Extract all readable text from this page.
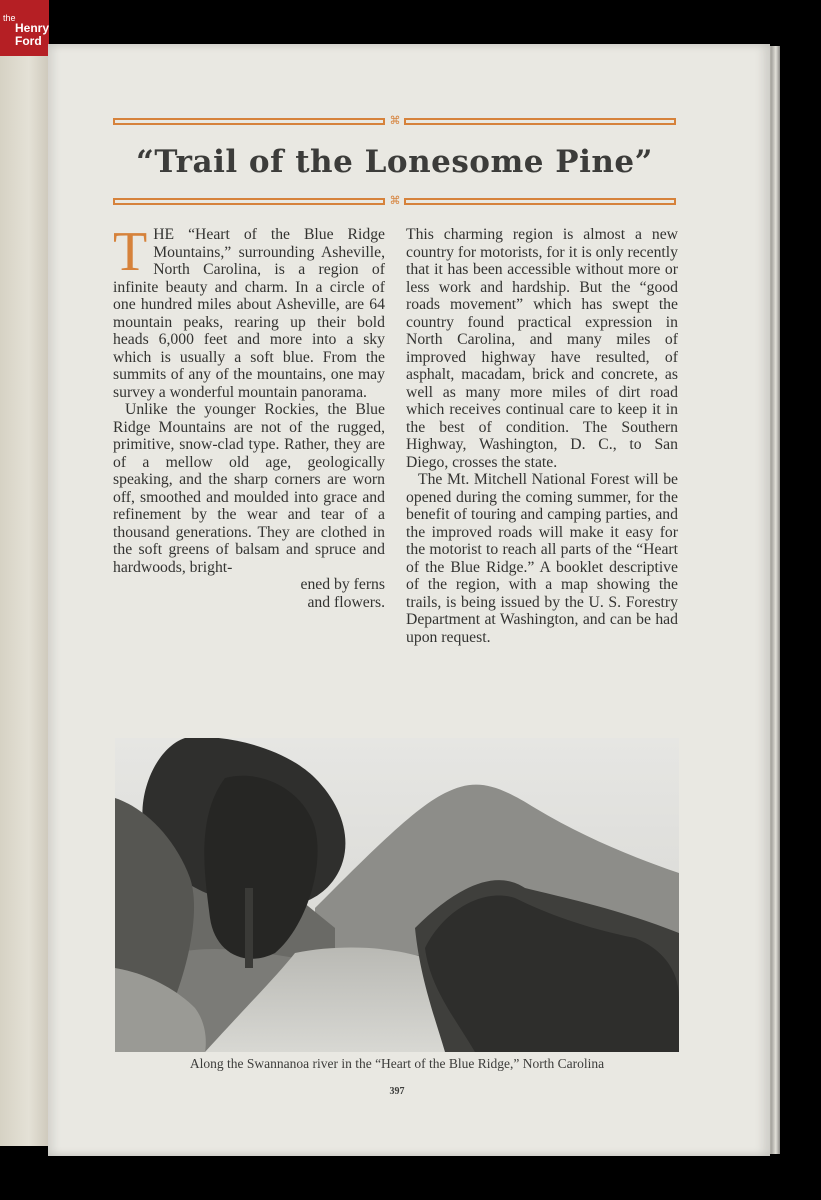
the
Henry
Ford
⌘
“Trail of the Lonesome Pine”
⌘

THE “Heart of the Blue Ridge Mountains,” surrounding Asheville, North Carolina, is a region of infinite beauty and charm. In a circle of one hundred miles about Asheville, are 64 mountain peaks, rearing up their bold heads 6,000 feet and more into a sky which is usually a soft blue. From the summits of any of the mountains, one may survey a wonderful mountain panorama.

Unlike the younger Rockies, the Blue Ridge Mountains are not of the rugged, primitive, snow-clad type. Rather, they are of a mellow old age, geologically speaking, and the sharp corners are worn off, smoothed and moulded into grace and refinement by the wear and tear of a thousand generations. They are clothed in the soft greens of balsam and spruce and hardwoods, bright-

ened by ferns
and flowers.

This charming region is almost a new country for motorists, for it is only recently that it has been accessible without more or less work and hardship. But the “good roads movement” which has swept the country found practical expression in North Carolina, and many miles of improved highway have resulted, of asphalt, macadam, brick and concrete, as well as many more miles of dirt road which receives continual care to keep it in the best of condition. The Southern Highway, Washington, D. C., to San Diego, crosses the state.

The Mt. Mitchell National Forest will be opened during the coming summer, for the benefit of touring and camping parties, and the improved roads will make it easy for the motorist to reach all parts of the “Heart of the Blue Ridge.” A booklet descriptive of the region, with a map showing the trails, is being issued by the U. S. Forestry Department at Washington, and can be had upon request.

Along the Swannanoa river in the “Heart of the Blue Ridge,” North Carolina
397
